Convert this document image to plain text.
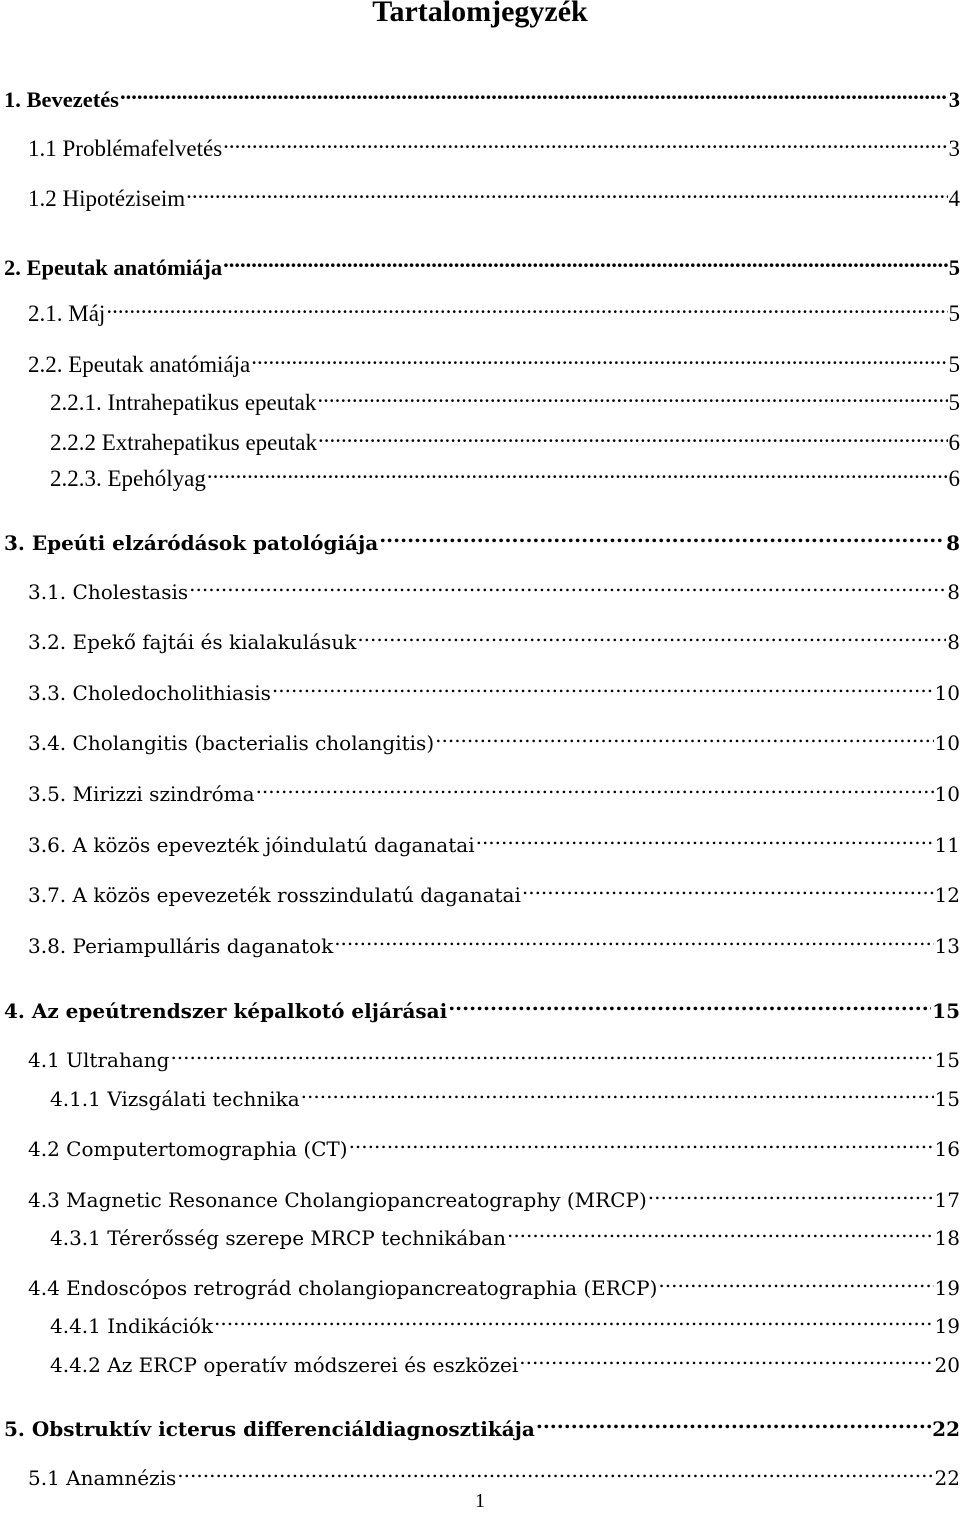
Tartalomjegyzék
1. Bevezetés .....	3
1.1 Problémafelvetés .....	3
1.2 Hipotéziseim .....	4
2. Epeutak anatómiája .....	5
2.1. Máj .....	5
2.2. Epeutak anatómiája .....	5
2.2.1. Intrahepatikus epeutak .....	5
2.2.2 Extrahepatikus epeutak .....	6
2.2.3. Epehólyag .....	6
3. Epeúti elzáródások patológiája .....	8
3.1. Cholestasis .....	8
3.2. Epekő fajtái és kialakulásuk .....	8
3.3. Choledocholithiasis .....	10
3.4. Cholangitis (bacterialis cholangitis) .....	10
3.5. Mirizzi szindróma .....	10
3.6. A közös epevezték jóindulatú daganatai .....	11
3.7. A közös epevezeték rosszindulatú daganatai .....	12
3.8. Periampulláris daganatok .....	13
4. Az epeútrendszer képalkotó eljárásai .....	15
4.1 Ultrahang .....	15
4.1.1 Vizsgálati technika .....	15
4.2 Computertomographia (CT) .....	16
4.3 Magnetic Resonance Cholangiopancreatography (MRCP) .....	17
4.3.1 Térerősség szerepe MRCP technikában .....	18
4.4 Endoscópos retrográd cholangiopancreatographia (ERCP) .....	19
4.4.1 Indikációk .....	19
4.4.2 Az ERCP operatív módszerei és eszközei .....	20
5. Obstruktív icterus differenciáldiagnosztikája .....	22
5.1 Anamnézis .....	22
1
